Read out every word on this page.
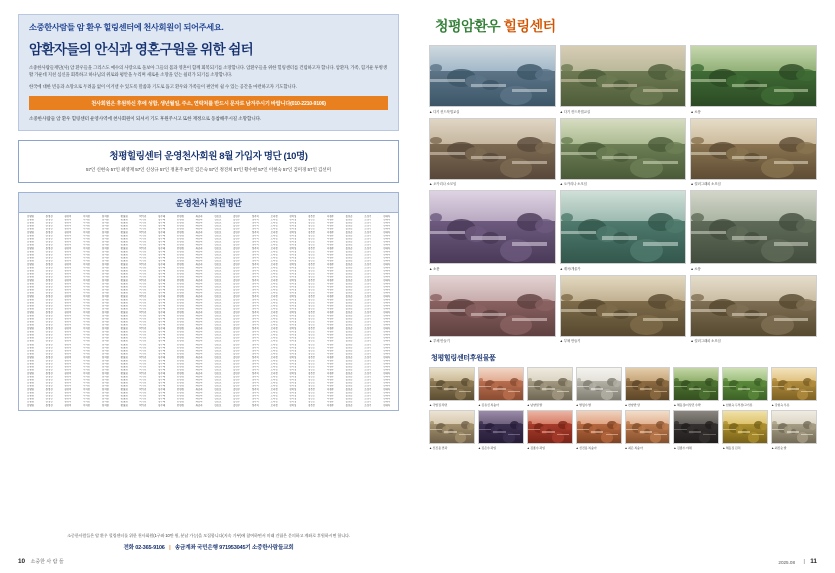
소중한사람들 암 환우 힐링센터에 천사회원이 되어주세요.
암환자들의 안식과 영혼구원을 위한 쉼터
소중한사람들재단(사) 암 환우들을 그리스도 예수의 사랑으로 돌보아 그들의 몸과 영혼이 함께 회복되기를 소망합니다. 암환우들을 위한 힐링센터를 건립하고자 합니다. 암환자, 가족, 힘겨운 투병생활 가운데 지친 심신을 회복하고 하나님의 위로와 평안을 누리며 새로운 소망을 얻는 쉼터가 되기를 소망합니다.
한국에 대한 빈응과 쇼망으로 두려움 없이 이겨낼 수 있도록 말씀과 기도로 돕고 환우와 가족들이 편안히 쉴 수 있는 공간을 마련하고자 기도합니다.
천사회원은 후원하신 후에 성함, 생년월일, 주소, 연락처를 반드시 문자로 남겨주시기 바랍니다(010-2210-9106)
소중한사람들 암 환우 힐링센터 운영사역에 천사회원이 되셔서 기도 후원주시고 또한 재정으로 동참해주시길 소망합니다.
청평힐링센터 운영천사회원 8월 가입자 명단 (10명)
57인 신현숙 57인 최영재 57인 신상규 57인 정훈주 57인 김은숙 57인 정진희 57인 황수현 57인 이현숙 57인 김미경 57인 김선미
운영천사 회원명단
김영영	윤정선	권진미	이자민	장지현	황희희	박기진	임수태	안현경	최순숙	한호호	송민수	정주지	오숙정	전미성	강은은	서경주	홍선순	조성기	신태자
김영영	윤정선	권진미	이자민	장지현	황희희	박기진	임수태	안현경	최순숙	한호호	송민수	정주지	오숙정	전미성	강은은	서경주	홍선순	조성기	신태자
김영영	윤정선	권진미	이자민	장지현	황희희	박기진	임수태	안현경	최순숙	한호호	송민수	정주지	오숙정	전미성	강은은	서경주	홍선순	조성기	신태자
김영영	윤정선	권진미	이자민	장지현	황희희	박기진	임수태	안현경	최순숙	한호호	송민수	정주지	오숙정	전미성	강은은	서경주	홍선순	조성기	신태자
김영영	윤정선	권진미	이자민	장지현	황희희	박기진	임수태	안현경	최순숙	한호호	송민수	정주지	오숙정	전미성	강은은	서경주	홍선순	조성기	신태자
김영영	윤정선	권진미	이자민	장지현	황희희	박기진	임수태	안현경	최순숙	한호호	송민수	정주지	오숙정	전미성	강은은	서경주	홍선순	조성기	신태자
김영영	윤정선	권진미	이자민	장지현	황희희	박기진	임수태	안현경	최순숙	한호호	송민수	정주지	오숙정	전미성	강은은	서경주	홍선순	조성기	신태자
김영영	윤정선	권진미	이자민	장지현	황희희	박기진	임수태	안현경	최순숙	한호호	송민수	정주지	오숙정	전미성	강은은	서경주	홍선순	조성기	신태자
김영영	윤정선	권진미	이자민	장지현	황희희	박기진	임수태	안현경	최순숙	한호호	송민수	정주지	오숙정	전미성	강은은	서경주	홍선순	조성기	신태자
김영영	윤정선	권진미	이자민	장지현	황희희	박기진	임수태	안현경	최순숙	한호호	송민수	정주지	오숙정	전미성	강은은	서경주	홍선순	조성기	신태자
김영영	윤정선	권진미	이자민	장지현	황희희	박기진	임수태	안현경	최순숙	한호호	송민수	정주지	오숙정	전미성	강은은	서경주	홍선순	조성기	신태자
김영영	윤정선	권진미	이자민	장지현	황희희	박기진	임수태	안현경	최순숙	한호호	송민수	정주지	오숙정	전미성	강은은	서경주	홍선순	조성기	신태자
김영영	윤정선	권진미	이자민	장지현	황희희	박기진	임수태	안현경	최순숙	한호호	송민수	정주지	오숙정	전미성	강은은	서경주	홍선순	조성기	신태자
김영영	윤정선	권진미	이자민	장지현	황희희	박기진	임수태	안현경	최순숙	한호호	송민수	정주지	오숙정	전미성	강은은	서경주	홍선순	조성기	신태자
김영영	윤정선	권진미	이자민	장지현	황희희	박기진	임수태	안현경	최순숙	한호호	송민수	정주지	오숙정	전미성	강은은	서경주	홍선순	조성기	신태자
김영영	윤정선	권진미	이자민	장지현	황희희	박기진	임수태	안현경	최순숙	한호호	송민수	정주지	오숙정	전미성	강은은	서경주	홍선순	조성기	신태자
김영영	윤정선	권진미	이자민	장지현	황희희	박기진	임수태	안현경	최순숙	한호호	송민수	정주지	오숙정	전미성	강은은	서경주	홍선순	조성기	신태자
김영영	윤정선	권진미	이자민	장지현	황희희	박기진	임수태	안현경	최순숙	한호호	송민수	정주지	오숙정	전미성	강은은	서경주	홍선순	조성기	신태자
김영영	윤정선	권진미	이자민	장지현	황희희	박기진	임수태	안현경	최순숙	한호호	송민수	정주지	오숙정	전미성	강은은	서경주	홍선순	조성기	신태자
김영영	윤정선	권진미	이자민	장지현	황희희	박기진	임수태	안현경	최순숙	한호호	송민수	정주지	오숙정	전미성	강은은	서경주	홍선순	조성기	신태자
김영영	윤정선	권진미	이자민	장지현	황희희	박기진	임수태	안현경	최순숙	한호호	송민수	정주지	오숙정	전미성	강은은	서경주	홍선순	조성기	신태자
김영영	윤정선	권진미	이자민	장지현	황희희	박기진	임수태	안현경	최순숙	한호호	송민수	정주지	오숙정	전미성	강은은	서경주	홍선순	조성기	신태자
김영영	윤정선	권진미	이자민	장지현	황희희	박기진	임수태	안현경	최순숙	한호호	송민수	정주지	오숙정	전미성	강은은	서경주	홍선순	조성기	신태자
김영영	윤정선	권진미	이자민	장지현	황희희	박기진	임수태	안현경	최순숙	한호호	송민수	정주지	오숙정	전미성	강은은	서경주	홍선순	조성기	신태자
김영영	윤정선	권진미	이자민	장지현	황희희	박기진	임수태	안현경	최순숙	한호호	송민수	정주지	오숙정	전미성	강은은	서경주	홍선순	조성기	신태자
김영영	윤정선	권진미	이자민	장지현	황희희	박기진	임수태	안현경	최순숙	한호호	송민수	정주지	오숙정	전미성	강은은	서경주	홍선순	조성기	신태자
김영영	윤정선	권진미	이자민	장지현	황희희	박기진	임수태	안현경	최순숙	한호호	송민수	정주지	오숙정	전미성	강은은	서경주	홍선순	조성기	신태자
김영영	윤정선	권진미	이자민	장지현	황희희	박기진	임수태	안현경	최순숙	한호호	송민수	정주지	오숙정	전미성	강은은	서경주	홍선순	조성기	신태자
김영영	윤정선	권진미	이자민	장지현	황희희	박기진	임수태	안현경	최순숙	한호호	송민수	정주지	오숙정	전미성	강은은	서경주	홍선순	조성기	신태자
김영영	윤정선	권진미	이자민	장지현	황희희	박기진	임수태	안현경	최순숙	한호호	송민수	정주지	오숙정	전미성	강은은	서경주	홍선순	조성기	신태자
김영영	윤정선	권진미	이자민	장지현	황희희	박기진	임수태	안현경	최순숙	한호호	송민수	정주지	오숙정	전미성	강은은	서경주	홍선순	조성기	신태자
김영영	윤정선	권진미	이자민	장지현	황희희	박기진	임수태	안현경	최순숙	한호호	송민수	정주지	오숙정	전미성	강은은	서경주	홍선순	조성기	신태자
김영영	윤정선	권진미	이자민	장지현	황희희	박기진	임수태	안현경	최순숙	한호호	송민수	정주지	오숙정	전미성	강은은	서경주	홍선순	조성기	신태자
김영영	윤정선	권진미	이자민	장지현	황희희	박기진	임수태	안현경	최순숙	한호호	송민수	정주지	오숙정	전미성	강은은	서경주	홍선순	조성기	신태자
김영영	윤정선	권진미	이자민	장지현	황희희	박기진	임수태	안현경	최순숙	한호호	송민수	정주지	오숙정	전미성	강은은	서경주	홍선순	조성기	신태자
김영영	윤정선	권진미	이자민	장지현	황희희	박기진	임수태	안현경	최순숙	한호호	송민수	정주지	오숙정	전미성	강은은	서경주	홍선순	조성기	신태자
김영영	윤정선	권진미	이자민	장지현	황희희	박기진	임수태	안현경	최순숙	한호호	송민수	정주지	오숙정	전미성	강은은	서경주	홍선순	조성기	신태자
김영영	윤정선	권진미	이자민	장지현	황희희	박기진	임수태	안현경	최순숙	한호호	송민수	정주지	오숙정	전미성	강은은	서경주	홍선순	조성기	신태자
김영영	윤정선	권진미	이자민	장지현	황희희	박기진	임수태	안현경	최순숙	한호호	송민수	정주지	오숙정	전미성	강은은	서경주	홍선순	조성기	신태자
김영영	윤정선	권진미	이자민	장지현	황희희	박기진	임수태	안현경	최순숙	한호호	송민수	정주지	오숙정	전미성	강은은	서경주	홍선순	조성기	신태자
김영영	윤정선	권진미	이자민	장지현	황희희	박기진	임수태	안현경	최순숙	한호호	송민수	정주지	오숙정	전미성	강은은	서경주	홍선순	조성기	신태자
김영영	윤정선	권진미	이자민	장지현	황희희	박기진	임수태	안현경	최순숙	한호호	송민수	정주지	오숙정	전미성	강은은	서경주	홍선순	조성기	신태자
김영영	윤정선	권진미	이자민	장지현	황희희	박기진	임수태	안현경	최순숙	한호호	송민수	정주지	오숙정	전미성	강은은	서경주	홍선순	조성기	신태자
김영영	윤정선	권진미	이자민	장지현	황희희	박기진	임수태	안현경	최순숙	한호호	송민수	정주지	오숙정	전미성	강은은	서경주	홍선순	조성기	신태자
김영영	윤정선	권진미	이자민	장지현	황희희	박기진	임수태	안현경	최순숙	한호호	송민수	정주지	오숙정	전미성	강은은	서경주	홍선순	조성기	신태자
김영영	윤정선	권진미	이자민	장지현	황희희	박기진	임수태	안현경	최순숙	한호호	송민수	정주지	오숙정	전미성	강은은	서경주	홍선순	조성기	신태자
김영영	윤정선	권진미	이자민	장지현	황희희	박기진	임수태	안현경	최순숙	한호호	송민수	정주지	오숙정	전미성	강은은	서경주	홍선순	조성기	신태자
김영영	윤정선	권진미	이자민	장지현	황희희	박기진	임수태	안현경	최순숙	한호호	송민수	정주지	오숙정	전미성	강은은	서경주	홍선순	조성기	신태자
김영영	윤정선	권진미	이자민	장지현	황희희	박기진	임수태	안현경	최순숙	한호호	송민수	정주지	오숙정	전미성	강은은	서경주	홍선순	조성기	신태자
김영영	윤정선	권진미	이자민	장지현	황희희	박기진	임수태	안현경	최순숙	한호호	송민수	정주지	오숙정	전미성	강은은	서경주	홍선순	조성기	신태자
김영영	윤정선	권진미	이자민	장지현	황희희	박기진	임수태	안현경	최순숙	한호호	송민수	정주지	오숙정	전미성	강은은	서경주	홍선순	조성기	신태자
김영영	윤정선	권진미	이자민	장지현	황희희	박기진	임수태	안현경	최순숙	한호호	송민수	정주지	오숙정	전미성	강은은	서경주	홍선순	조성기	신태자
김영영	윤정선	권진미	이자민	장지현	황희희	박기진	임수태	안현경	최순숙	한호호	송민수	정주지	오숙정	전미성	강은은	서경주	홍선순	조성기	신태자
김영영	윤정선	권진미	이자민	장지현	황희희	박기진	임수태	안현경	최순숙	한호호	송민수	정주지	오숙정	전미성	강은은	서경주	홍선순	조성기	신태자
김영영	윤정선	권진미	이자민	장지현	황희희	박기진	임수태	안현경	최순숙	한호호	송민수	정주지	오숙정	전미성	강은은	서경주	홍선순	조성기	신태자
김영영	윤정선	권진미	이자민	장지현	황희희	박기진	임수태	안현경	최순숙	한호호	송민수	정주지	오숙정	전미성	강은은	서경주	홍선순	조성기	신태자
김영영	윤정선	권진미	이자민	장지현	황희희	박기진	임수태	안현경	최순숙	한호호	송민수	정주지	오숙정	전미성	강은은	서경주	홍선순	조성기	신태자
김영영	윤정선	권진미	이자민	장지현	황희희	박기진	임수태	안현경	최순숙	한호호	송민수	정주지	오숙정	전미성	강은은	서경주	홍선순	조성기	신태자
김영영	윤정선	권진미	이자민	장지현	황희희	박기진	임수태	안현경	최순숙	한호호	송민수	정주지	오숙정	전미성	강은은	서경주	홍선순	조성기	신태자
김영영	윤정선	권진미	이자민	장지현	황희희	박기진	임수태	안현경	최순숙	한호호	송민수	정주지	오숙정	전미성	강은은	서경주	홍선순	조성기	신태자
소중한사람들은 암 환우 힐링센터를 위한 천사회원(1구좌 10만 원, 분납 가능)을 모집합니다(지속 기부)에 참여하면서 미래 건립은 문의하고 계좌로 후원하시면 합니다.
전화 02-365-9106 | 송금계좌 국민은행 971953045기 소중한사람들교회
10 소중한 사 람 들
청평암환우 힐링센터
▲ 다기 컨드북법교실	▲ 다기 컨드북법교실	▲ 소풍
▲ 오카리나 소모임	▲ 오카리나 소모임	▲ 컬러그래피 소모임
▲ 소풍	▲ 계곡/개울가	▲ 소풍
▲ 부채 만들기	▲ 부채 만들기	▲ 컬러그래피 소모임
청평힐링센터후원물품
▲ 국밥집 라면	▲ 김유신 복숭아	▲ 남양밀 쌀	▲ 쌀렁수 쌀	▲ 찬양반 상	▲ 해동집/이상민 수박	▲ 임현숙 두부전/고기류	▲ 강현숙 우유
▲ 신진용 견과	▲ 김은수 과일	▲ 김종수 과일	▲ 신진용 복숭아	▲ 최은 복숭아	▲ 김종수 야채	▲ 해동집 김치	▲ 최진순 쌀
2025.08 | 11
